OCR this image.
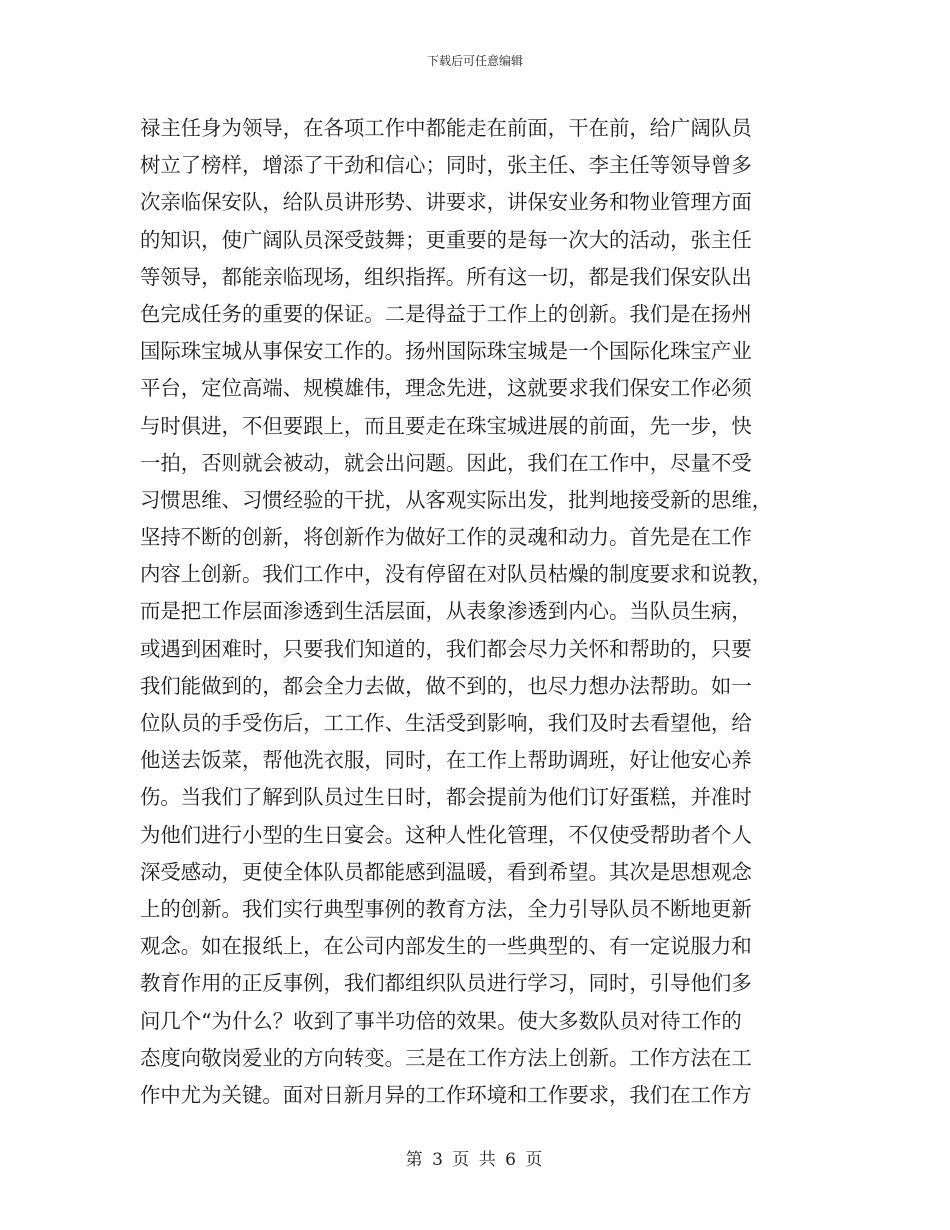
下载后可任意编辑
禄主任身为领导，在各项工作中都能走在前面，干在前，给广阔队员
树立了榜样，增添了干劲和信心；同时，张主任、李主任等领导曾多
次亲临保安队，给队员讲形势、讲要求，讲保安业务和物业管理方面
的知识，使广阔队员深受鼓舞；更重要的是每一次大的活动，张主任
等领导，都能亲临现场，组织指挥。所有这一切，都是我们保安队出
色完成任务的重要的保证。二是得益于工作上的创新。我们是在扬州
国际珠宝城从事保安工作的。扬州国际珠宝城是一个国际化珠宝产业
平台，定位高端、规模雄伟，理念先进，这就要求我们保安工作必须
与时俱进，不但要跟上，而且要走在珠宝城进展的前面，先一步，快
一拍，否则就会被动，就会出问题。因此，我们在工作中，尽量不受
习惯思维、习惯经验的干扰，从客观实际出发，批判地接受新的思维，
坚持不断的创新，将创新作为做好工作的灵魂和动力。首先是在工作
内容上创新。我们工作中，没有停留在对队员枯燥的制度要求和说教，
而是把工作层面渗透到生活层面，从表象渗透到内心。当队员生病，
或遇到困难时，只要我们知道的，我们都会尽力关怀和帮助的，只要
我们能做到的，都会全力去做，做不到的，也尽力想办法帮助。如一
位队员的手受伤后，工工作、生活受到影响，我们及时去看望他，给
他送去饭菜，帮他洗衣服，同时，在工作上帮助调班，好让他安心养
伤。当我们了解到队员过生日时，都会提前为他们订好蛋糕，并准时
为他们进行小型的生日宴会。这种人性化管理，不仅使受帮助者个人
深受感动，更使全体队员都能感到温暖，看到希望。其次是思想观念
上的创新。我们实行典型事例的教育方法，全力引导队员不断地更新
观念。如在报纸上，在公司内部发生的一些典型的、有一定说服力和
教育作用的正反事例，我们都组织队员进行学习，同时，引导他们多
问几个“为什么？收到了事半功倍的效果。使大多数队员对待工作的
态度向敬岗爱业的方向转变。三是在工作方法上创新。工作方法在工
作中尤为关键。面对日新月异的工作环境和工作要求，我们在工作方
第 3 页 共 6 页
